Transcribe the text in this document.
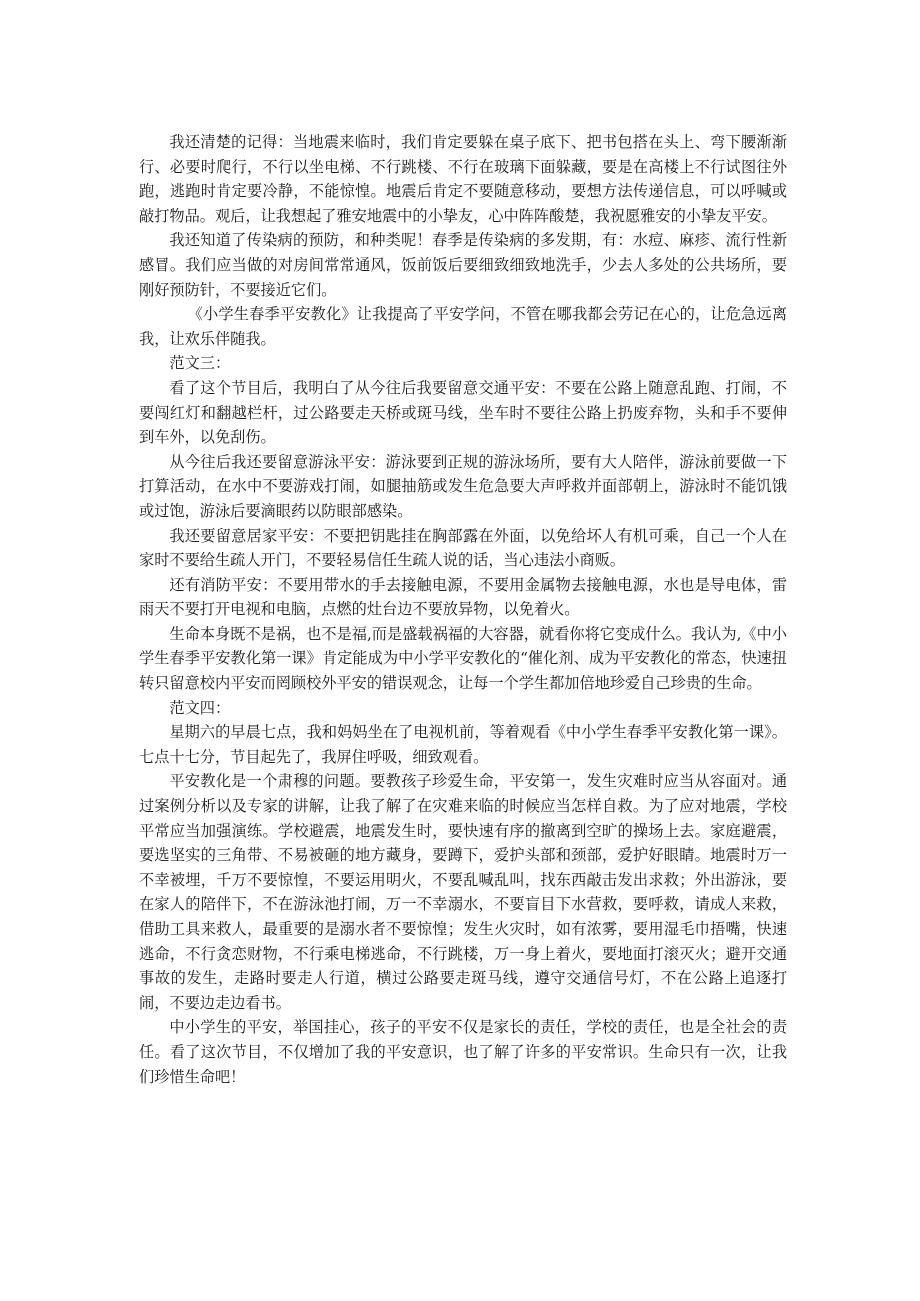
我还清楚的记得：当地震来临时，我们肯定要躲在桌子底下、把书包搭在头上、弯下腰渐渐行、必要时爬行，不行以坐电梯、不行跳楼、不行在玻璃下面躲藏，要是在高楼上不行试图往外跑，逃跑时肯定要冷静，不能惊惶。地震后肯定不要随意移动，要想方法传递信息，可以呼喊或敲打物品。观后，让我想起了雅安地震中的小挚友，心中阵阵酸楚，我祝愿雅安的小挚友平安。

我还知道了传染病的预防，和种类呢！春季是传染病的多发期，有：水痘、麻疹、流行性新感冒。我们应当做的对房间常常通风，饭前饭后要细致细致地洗手，少去人多处的公共场所，要刚好预防针，不要接近它们。

《小学生春季平安教化》让我提高了平安学问，不管在哪我都会劳记在心的，让危急远离我，让欢乐伴随我。

范文三：

看了这个节目后，我明白了从今往后我要留意交通平安：不要在公路上随意乱跑、打闹，不要闯红灯和翻越栏杆，过公路要走天桥或斑马线，坐车时不要往公路上扔废弃物，头和手不要伸到车外，以免刮伤。

从今往后我还要留意游泳平安：游泳要到正规的游泳场所，要有大人陪伴，游泳前要做一下打算活动，在水中不要游戏打闹，如腿抽筋或发生危急要大声呼救并面部朝上，游泳时不能饥饿或过饱，游泳后要滴眼药以防眼部感染。

我还要留意居家平安：不要把钥匙挂在胸部露在外面，以免给坏人有机可乘，自己一个人在家时不要给生疏人开门，不要轻易信任生疏人说的话，当心违法小商贩。

还有消防平安：不要用带水的手去接触电源，不要用金属物去接触电源，水也是导电体，雷雨天不要打开电视和电脑，点燃的灶台边不要放异物，以免着火。

生命本身既不是祸，也不是福,而是盛载祸福的大容器，就看你将它变成什么。我认为,《中小学生春季平安教化第一课》肯定能成为中小学平安教化的“催化剂、成为平安教化的常态，快速扭转只留意校内平安而罔顾校外平安的错误观念，让每一个学生都加倍地珍爱自己珍贵的生命。

范文四：

星期六的早晨七点，我和妈妈坐在了电视机前，等着观看《中小学生春季平安教化第一课》。七点十七分，节目起先了，我屏住呼吸，细致观看。

平安教化是一个肃穆的问题。要教孩子珍爱生命，平安第一，发生灾难时应当从容面对。通过案例分析以及专家的讲解，让我了解了在灾难来临的时候应当怎样自救。为了应对地震，学校平常应当加强演练。学校避震，地震发生时，要快速有序的撤离到空旷的操场上去。家庭避震，要选坚实的三角带、不易被砸的地方藏身，要蹲下，爱护头部和颈部，爱护好眼睛。地震时万一不幸被埋，千万不要惊惶，不要运用明火，不要乱喊乱叫，找东西敲击发出求救；外出游泳，要在家人的陪伴下，不在游泳池打闹，万一不幸溺水，不要盲目下水营救，要呼救，请成人来救，借助工具来救人，最重要的是溺水者不要惊惶；发生火灾时，如有浓雾，要用湿毛巾捂嘴，快速逃命，不行贪恋财物，不行乘电梯逃命，不行跳楼，万一身上着火，要地面打滚灭火；避开交通事故的发生，走路时要走人行道，横过公路要走斑马线，遵守交通信号灯，不在公路上追逐打闹，不要边走边看书。

中小学生的平安，举国挂心，孩子的平安不仅是家长的责任，学校的责任，也是全社会的责任。看了这次节目，不仅增加了我的平安意识，也了解了许多的平安常识。生命只有一次，让我们珍惜生命吧！
